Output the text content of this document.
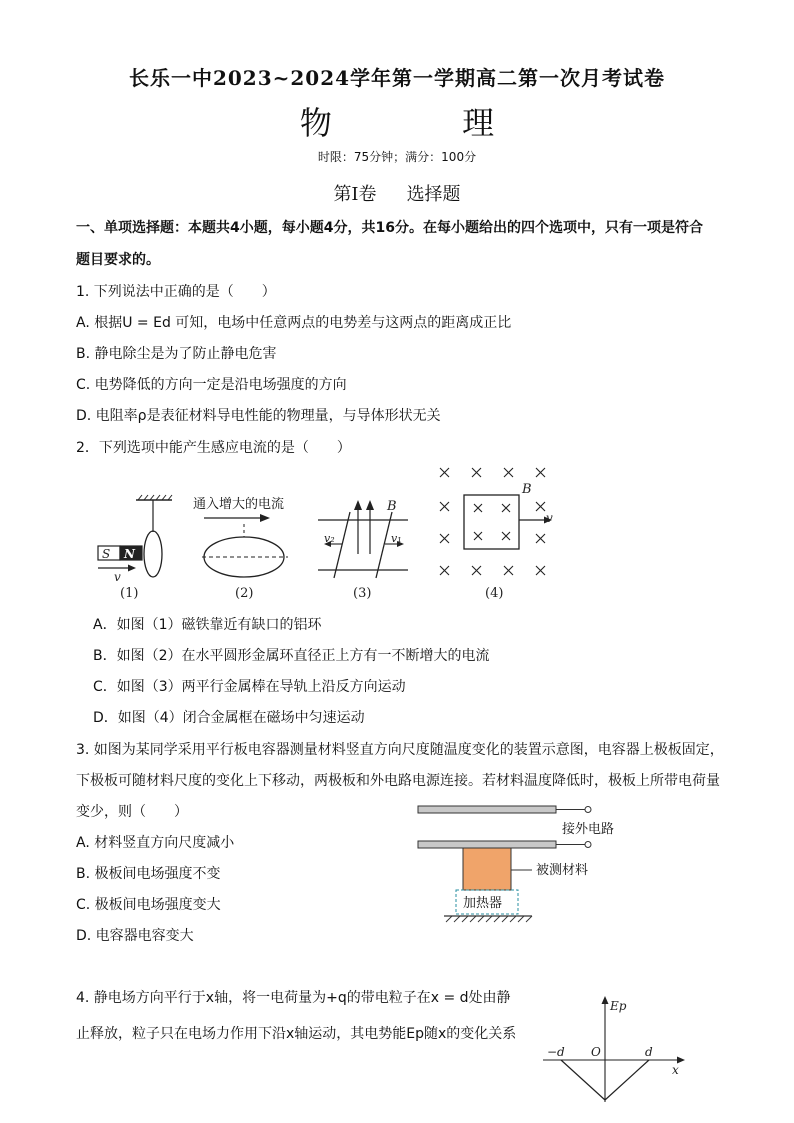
长乐一中2023~2024学年第一学期高二第一次月考试卷
物 理
时限：75分钟；满分：100分
第Ⅰ卷 选择题
一、单项选择题：本题共4小题，每小题4分，共16分。在每小题给出的四个选项中，只有一项是符合
题目要求的。
1. 下列说法中正确的是（　　）
A. 根据U = Ed 可知，电场中任意两点的电势差与这两点的距离成正比
B. 静电除尘是为了防止静电危害
C. 电势降低的方向一定是沿电场强度的方向
D. 电阻率ρ是表征材料导电性能的物理量，与导体形状无关
2．下列选项中能产生感应电流的是（　　）
S N
v
通入增大的电流	B
v₂	v₁
B
v
(1)	(2)	(3)	(4)
A．如图（1）磁铁靠近有缺口的铝环
B．如图（2）在水平圆形金属环直径正上方有一不断增大的电流
C．如图（3）两平行金属棒在导轨上沿反方向运动
D．如图（4）闭合金属框在磁场中匀速运动
3. 如图为某同学采用平行板电容器测量材料竖直方向尺度随温度变化的装置示意图，电容器上极板固定，
下极板可随材料尺度的变化上下移动，两极板和外电路电源连接。若材料温度降低时，极板上所带电荷量
变少，则（　　）
A. 材料竖直方向尺度减小
B. 极板间电场强度不变
C. 极板间电场强度变大
D. 电容器电容变大
接外电路
被测材料
加热器
4. 静电场方向平行于x轴，将一电荷量为+q的带电粒子在x = d处由静
止释放，粒子只在电场力作用下沿x轴运动，其电势能Ep随x的变化关系
Ep
x
−d O	d
